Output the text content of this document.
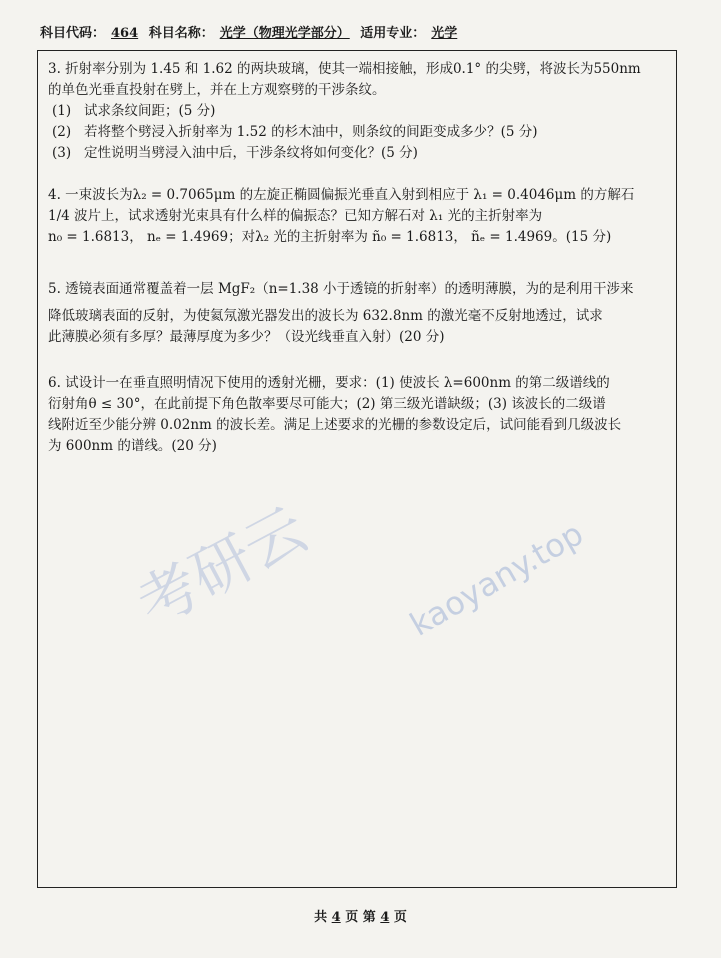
科目代码： 464 科目名称： 光学（物理光学部分） 适用专业： 光学

3. 折射率分别为 1.45 和 1.62 的两块玻璃，使其一端相接触，形成0.1° 的尖劈，将波长为550nm

的单色光垂直投射在劈上，并在上方观察劈的干涉条纹。

(1) 试求条纹间距；(5 分)

(2) 若将整个劈浸入折射率为 1.52 的杉木油中，则条纹的间距变成多少？(5 分)

(3) 定性说明当劈浸入油中后，干涉条纹将如何变化？(5 分)

4. 一束波长为λ₂ = 0.7065μm 的左旋正椭圆偏振光垂直入射到相应于 λ₁ = 0.4046μm 的方解石

1/4 波片上，试求透射光束具有什么样的偏振态？已知方解石对 λ₁ 光的主折射率为

n₀ = 1.6813， nₑ = 1.4969；对λ₂ 光的主折射率为 ñ₀ = 1.6813， ñₑ = 1.4969。(15 分)

5. 透镜表面通常覆盖着一层 MgF₂（n=1.38 小于透镜的折射率）的透明薄膜，为的是利用干涉来

降低玻璃表面的反射，为使氦氖激光器发出的波长为 632.8nm 的激光毫不反射地透过，试求

此薄膜必须有多厚？最薄厚度为多少？（设光线垂直入射）(20 分)

6. 试设计一在垂直照明情况下使用的透射光栅，要求：(1) 使波长 λ=600nm 的第二级谱线的

衍射角θ ≤ 30°，在此前提下角色散率要尽可能大；(2) 第三级光谱缺级；(3) 该波长的二级谱

线附近至少能分辨 0.02nm 的波长差。满足上述要求的光栅的参数设定后，试问能看到几级波长

为 600nm 的谱线。(20 分)

考研云	kaoyany.top
共 4 页 第 4 页
